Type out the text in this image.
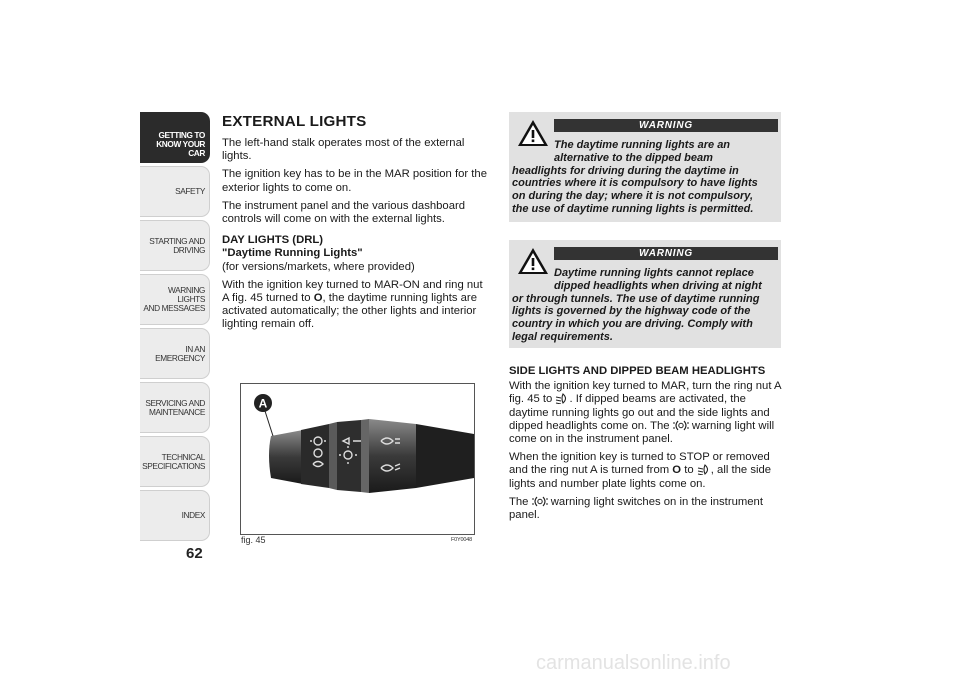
GETTING TO
KNOW YOUR CAR
SAFETY
STARTING AND
DRIVING
WARNING LIGHTS
AND MESSAGES
IN AN EMERGENCY
SERVICING AND
MAINTENANCE
TECHNICAL
SPECIFICATIONS
INDEX
62
EXTERNAL LIGHTS

The left-hand stalk operates most of the external lights.

The ignition key has to be in the MAR position for the exterior lights to come on.

The instrument panel and the various dashboard controls will come on with the external lights.

DAY LIGHTS (DRL)
"Daytime Running Lights"

(for versions/markets, where provided)

With the ignition key turned to MAR-ON and ring nut A fig. 45 turned to O, the daytime running lights are activated automatically; the other lights and interior lighting remain off.

A
fig. 45	F0Y0048
WARNING
The daytime running lights are an alternative to the dipped beam
headlights for driving during the daytime in countries where it is compulsory to have lights on during the day; where it is not compulsory, the use of daytime running lights is permitted.
WARNING
Daytime running lights cannot replace dipped headlights when driving at night
or through tunnels. The use of daytime running lights is governed by the highway code of the country in which you are driving. Comply with legal requirements.
SIDE LIGHTS AND DIPPED BEAM HEADLIGHTS

With the ignition key turned to MAR, turn the ring nut A fig. 45 to . If dipped beams are activated, the daytime running lights go out and the side lights and dipped headlights come on. The  warning light will come on in the instrument panel.

When the ignition key is turned to STOP or removed and the ring nut A is turned from O to , all the side lights and number plate lights come on.

The  warning light switches on in the instrument panel.

carmanualsonline.info
